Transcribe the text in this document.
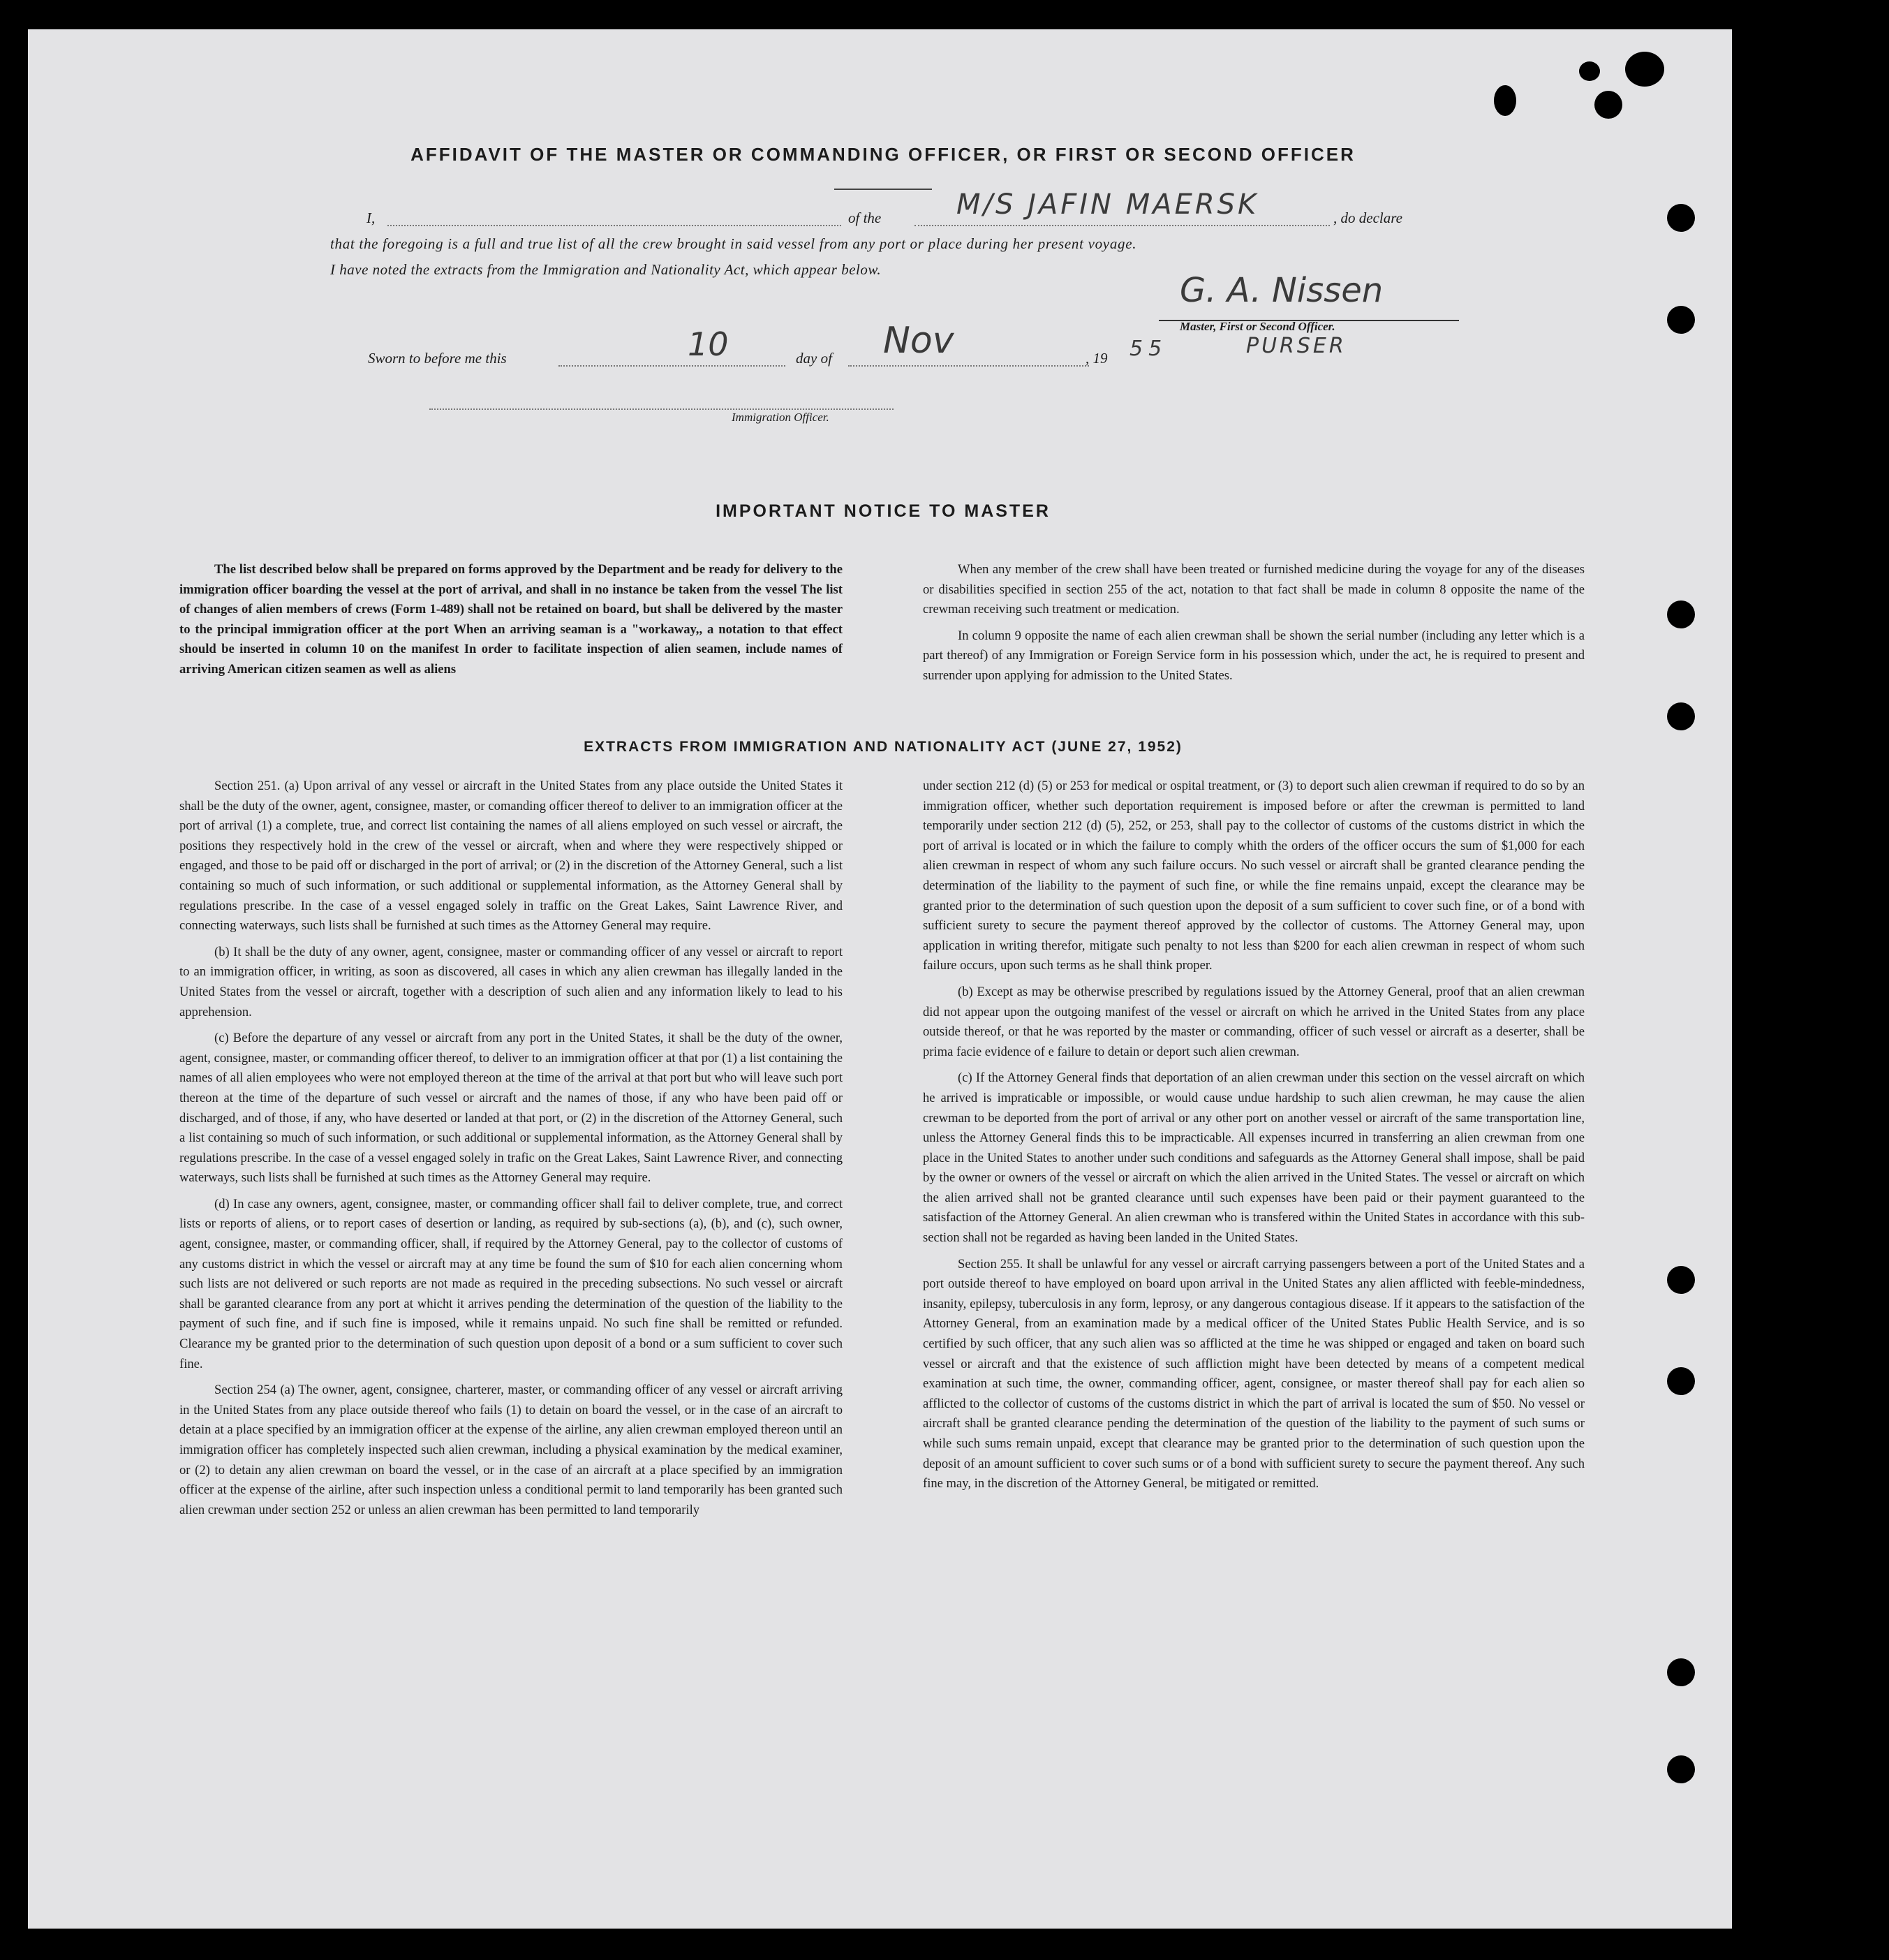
AFFIDAVIT OF THE MASTER OR COMMANDING OFFICER, OR FIRST OR SECOND OFFICER
I,	of the	M/S JAFIN MAERSK	, do declare
that the foregoing is a full and true list of all the crew brought in said vessel from any port or place during her present voyage.
I have noted the extracts from the Immigration and Nationality Act, which appear below.
G. A. Nissen
Master, First or Second Officer.
PURSER
Sworn to before me this	10	day of Nov	, 19 55
Immigration Officer.
IMPORTANT NOTICE TO MASTER

The list described below shall be prepared on forms approved by the Department and be ready for delivery to the immigration officer boarding the vessel at the port of arrival, and shall in no instance be taken from the vessel The list of changes of alien members of crews (Form 1-489) shall not be retained on board, but shall be delivered by the master to the principal immigration officer at the port When an arriving seaman is a "workaway,, a notation to that effect should be inserted in column 10 on the manifest In order to facilitate inspection of alien seamen, include names of arriving American citizen seamen as well as aliens

When any member of the crew shall have been treated or furnished medicine during the voyage for any of the diseases or disabilities specified in section 255 of the act, notation to that fact shall be made in column 8 opposite the name of the crewman receiving such treatment or medication.

In column 9 opposite the name of each alien crewman shall be shown the serial number (including any letter which is a part thereof) of any Immigration or Foreign Service form in his possession which, under the act, he is required to present and surrender upon applying for admission to the United States.

EXTRACTS FROM IMMIGRATION AND NATIONALITY ACT (JUNE 27, 1952)

Section 251. (a) Upon arrival of any vessel or aircraft in the United States from any place outside the United States it shall be the duty of the owner, agent, consignee, master, or comanding officer thereof to deliver to an immigration officer at the port of arrival (1) a complete, true, and correct list containing the names of all aliens employed on such vessel or aircraft, the positions they respectively hold in the crew of the vessel or aircraft, when and where they were respectively shipped or engaged, and those to be paid off or discharged in the port of arrival; or (2) in the discretion of the Attorney General, such a list containing so much of such information, or such additional or supplemental information, as the Attorney General shall by regulations prescribe. In the case of a vessel engaged solely in traffic on the Great Lakes, Saint Lawrence River, and connecting waterways, such lists shall be furnished at such times as the Attorney General may require.

(b) It shall be the duty of any owner, agent, consignee, master or commanding officer of any vessel or aircraft to report to an immigration officer, in writing, as soon as discovered, all cases in which any alien crewman has illegally landed in the United States from the vessel or aircraft, together with a description of such alien and any information likely to lead to his apprehension.

(c) Before the departure of any vessel or aircraft from any port in the United States, it shall be the duty of the owner, agent, consignee, master, or commanding officer thereof, to deliver to an immigration officer at that por (1) a list containing the names of all alien employees who were not employed thereon at the time of the arrival at that port but who will leave such port thereon at the time of the departure of such vessel or aircraft and the names of those, if any who have been paid off or discharged, and of those, if any, who have deserted or landed at that port, or (2) in the discretion of the Attorney General, such a list containing so much of such information, or such additional or supplemental information, as the Attorney General shall by regulations prescribe. In the case of a vessel engaged solely in trafic on the Great Lakes, Saint Lawrence River, and connecting waterways, such lists shall be furnished at such times as the Attorney General may require.

(d) In case any owners, agent, consignee, master, or commanding officer shall fail to deliver complete, true, and correct lists or reports of aliens, or to report cases of desertion or landing, as required by sub-sections (a), (b), and (c), such owner, agent, consignee, master, or commanding officer, shall, if required by the Attorney General, pay to the collector of customs of any customs district in which the vessel or aircraft may at any time be found the sum of $10 for each alien concerning whom such lists are not delivered or such reports are not made as required in the preceding subsections. No such vessel or aircraft shall be garanted clearance from any port at whicht it arrives pending the determination of the question of the liability to the payment of such fine, and if such fine is imposed, while it remains unpaid. No such fine shall be remitted or refunded. Clearance my be granted prior to the determination of such question upon deposit of a bond or a sum sufficient to cover such fine.

Section 254 (a) The owner, agent, consignee, charterer, master, or commanding officer of any vessel or aircraft arriving in the United States from any place outside thereof who fails (1) to detain on board the vessel, or in the case of an aircraft to detain at a place specified by an immigration officer at the expense of the airline, any alien crewman employed thereon until an immigration officer has completely inspected such alien crewman, including a physical examination by the medical examiner, or (2) to detain any alien crewman on board the vessel, or in the case of an aircraft at a place specified by an immigration officer at the expense of the airline, after such inspection unless a conditional permit to land temporarily has been granted such alien crewman under section 252 or unless an alien crewman has been permitted to land temporarily

under section 212 (d) (5) or 253 for medical or ospital treatment, or (3) to deport such alien crewman if required to do so by an immigration officer, whether such deportation requirement is imposed before or after the crewman is permitted to land temporarily under section 212 (d) (5), 252, or 253, shall pay to the collector of customs of the customs district in which the port of arrival is located or in which the failure to comply whith the orders of the officer occurs the sum of $1,000 for each alien crewman in respect of whom any such failure occurs. No such vessel or aircraft shall be granted clearance pending the determination of the liability to the payment of such fine, or while the fine remains unpaid, except the clearance may be granted prior to the determination of such question upon the deposit of a sum sufficient to cover such fine, or of a bond with sufficient surety to secure the payment thereof approved by the collector of customs. The Attorney General may, upon application in writing therefor, mitigate such penalty to not less than $200 for each alien crewman in respect of whom such failure occurs, upon such terms as he shall think proper.

(b) Except as may be otherwise prescribed by regulations issued by the Attorney General, proof that an alien crewman did not appear upon the outgoing manifest of the vessel or aircraft on which he arrived in the United States from any place outside thereof, or that he was reported by the master or commanding, officer of such vessel or aircraft as a deserter, shall be prima facie evidence of e failure to detain or deport such alien crewman.

(c) If the Attorney General finds that deportation of an alien crewman under this section on the vessel aircraft on which he arrived is impraticable or impossible, or would cause undue hardship to such alien crewman, he may cause the alien crewman to be deported from the port of arrival or any other port on another vessel or aircraft of the same transportation line, unless the Attorney General finds this to be impracticable. All expenses incurred in transferring an alien crewman from one place in the United States to another under such conditions and safeguards as the Attorney General shall impose, shall be paid by the owner or owners of the vessel or aircraft on which the alien arrived in the United States. The vessel or aircraft on which the alien arrived shall not be granted clearance until such expenses have been paid or their payment guaranteed to the satisfaction of the Attorney General. An alien crewman who is transfered within the United States in accordance with this sub-section shall not be regarded as having been landed in the United States.

Section 255. It shall be unlawful for any vessel or aircraft carrying passengers between a port of the United States and a port outside thereof to have employed on board upon arrival in the United States any alien afflicted with feeble-mindedness, insanity, epilepsy, tuberculosis in any form, leprosy, or any dangerous contagious disease. If it appears to the satisfaction of the Attorney General, from an examination made by a medical officer of the United States Public Health Service, and is so certified by such officer, that any such alien was so afflicted at the time he was shipped or engaged and taken on board such vessel or aircraft and that the existence of such affliction might have been detected by means of a competent medical examination at such time, the owner, commanding officer, agent, consignee, or master thereof shall pay for each alien so afflicted to the collector of customs of the customs district in which the part of arrival is located the sum of $50. No vessel or aircraft shall be granted clearance pending the determination of the question of the liability to the payment of such sums or while such sums remain unpaid, except that clearance may be granted prior to the determination of such question upon the deposit of an amount sufficient to cover such sums or of a bond with sufficient surety to secure the payment thereof. Any such fine may, in the discretion of the Attorney General, be mitigated or remitted.
